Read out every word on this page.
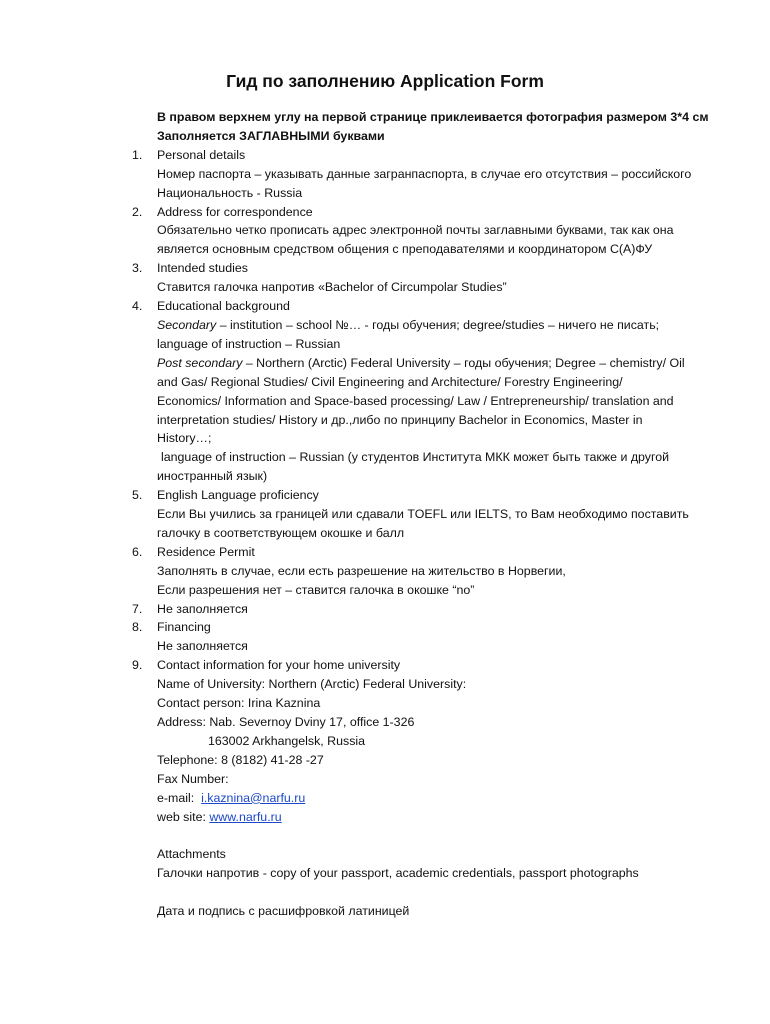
Гид по заполнению Application Form
В правом верхнем углу на первой странице приклеивается фотография размером 3*4 см
Заполняется ЗАГЛАВНЫМИ буквами
1. Personal details
Номер паспорта – указывать данные загранпаспорта, в случае его отсутствия – российского
Национальность - Russia
2. Address for correspondence
Обязательно четко прописать адрес электронной почты заглавными буквами, так как она
является основным средством общения с преподавателями и координатором С(А)ФУ
3. Intended studies
Ставится галочка напротив «Bachelor of Circumpolar Studies”
4. Educational background
Secondary – institution – school №… - годы обучения; degree/studies – ничего не писать;
language of instruction – Russian
Post secondary – Northern (Arctic) Federal University – годы обучения; Degree – chemistry/ Oil
and Gas/ Regional Studies/ Civil Engineering and Architecture/ Forestry Engineering/
Economics/ Information and Space-based processing/ Law / Entrepreneurship/ translation and
interpretation studies/ History и др.,либо по принципу Bachelor in Economics, Master in
History…;
language of instruction – Russian (у студентов Института МКК может быть также и другой
иностранный язык)
5. English Language proficiency
Если Вы учились за границей или сдавали TOEFL или IELTS, то Вам необходимо поставить
галочку в соответствующем окошке и балл
6. Residence Permit
Заполнять в случае, если есть разрешение на жительство в Норвегии,
Если разрешения нет – ставится галочка в окошке “no”
7. Не заполняется
8. Financing
Не заполняется
9. Contact information for your home university
Name of University: Northern (Arctic) Federal University:
Contact person: Irina Kaznina
Address: Nab. Severnoy Dviny 17, office 1-326
163002 Arkhangelsk, Russia
Telephone: 8 (8182) 41-28 -27
Fax Number:
e-mail:  i.kaznina@narfu.ru
web site: www.narfu.ru
Attachments
Галочки напротив - copy of your passport, academic credentials, passport photographs
Дата и подпись с расшифровкой латиницей
